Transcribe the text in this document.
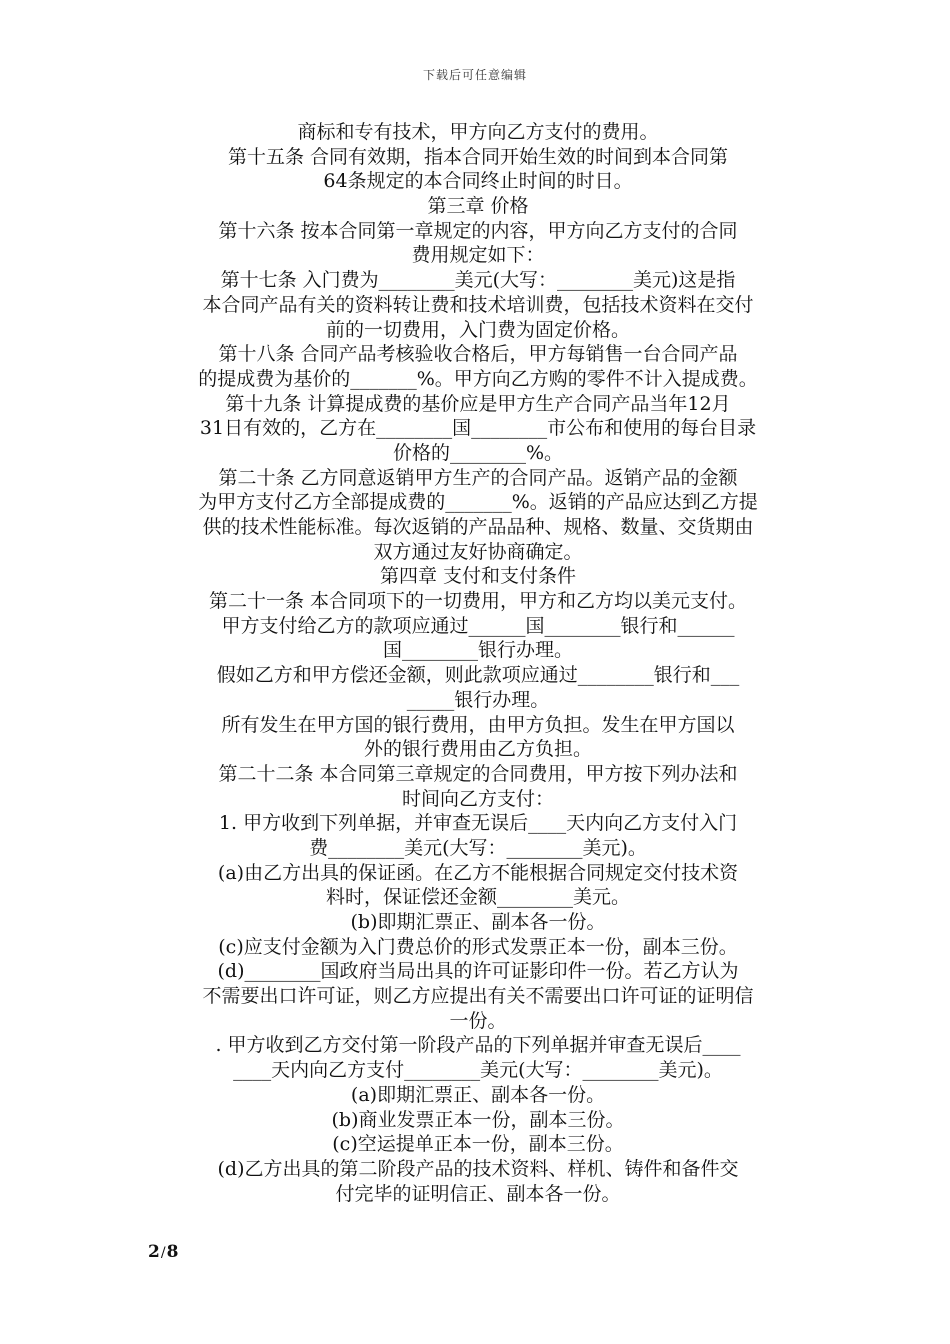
下载后可任意编辑
商标和专有技术，甲方向乙方支付的费用。
第十五条 合同有效期，指本合同开始生效的时间到本合同第
64条规定的本合同终止时间的时日。
第三章 价格
第十六条 按本合同第一章规定的内容，甲方向乙方支付的合同
费用规定如下：
第十七条 入门费为________美元(大写：________美元)这是指
本合同产品有关的资料转让费和技术培训费，包括技术资料在交付
前的一切费用，入门费为固定价格。
第十八条 合同产品考核验收合格后，甲方每销售一台合同产品
的提成费为基价的_______%。甲方向乙方购的零件不计入提成费。
第十九条 计算提成费的基价应是甲方生产合同产品当年12月
31日有效的，乙方在________国________市公布和使用的每台目录
价格的________%。
第二十条 乙方同意返销甲方生产的合同产品。返销产品的金额
为甲方支付乙方全部提成费的_______%。返销的产品应达到乙方提
供的技术性能标准。每次返销的产品品种、规格、数量、交货期由
双方通过友好协商确定。
第四章 支付和支付条件
第二十一条 本合同项下的一切费用，甲方和乙方均以美元支付。
甲方支付给乙方的款项应通过______国________银行和______
国________银行办理。
假如乙方和甲方偿还金额，则此款项应通过________银行和___
_____银行办理。
所有发生在甲方国的银行费用，由甲方负担。发生在甲方国以
外的银行费用由乙方负担。
第二十二条 本合同第三章规定的合同费用，甲方按下列办法和
时间向乙方支付：
1. 甲方收到下列单据，并审查无误后____天内向乙方支付入门
费________美元(大写：________美元)。
(a)由乙方出具的保证函。在乙方不能根据合同规定交付技术资
料时，保证偿还金额________美元。
(b)即期汇票正、副本各一份。
(c)应支付金额为入门费总价的形式发票正本一份，副本三份。
(d)________国政府当局出具的许可证影印件一份。若乙方认为
不需要出口许可证，则乙方应提出有关不需要出口许可证的证明信
一份。
. 甲方收到乙方交付第一阶段产品的下列单据并审查无误后____
____天内向乙方支付________美元(大写：________美元)。
(a)即期汇票正、副本各一份。
(b)商业发票正本一份，副本三份。
(c)空运提单正本一份，副本三份。
(d)乙方出具的第二阶段产品的技术资料、样机、铸件和备件交
付完毕的证明信正、副本各一份。
2/8
